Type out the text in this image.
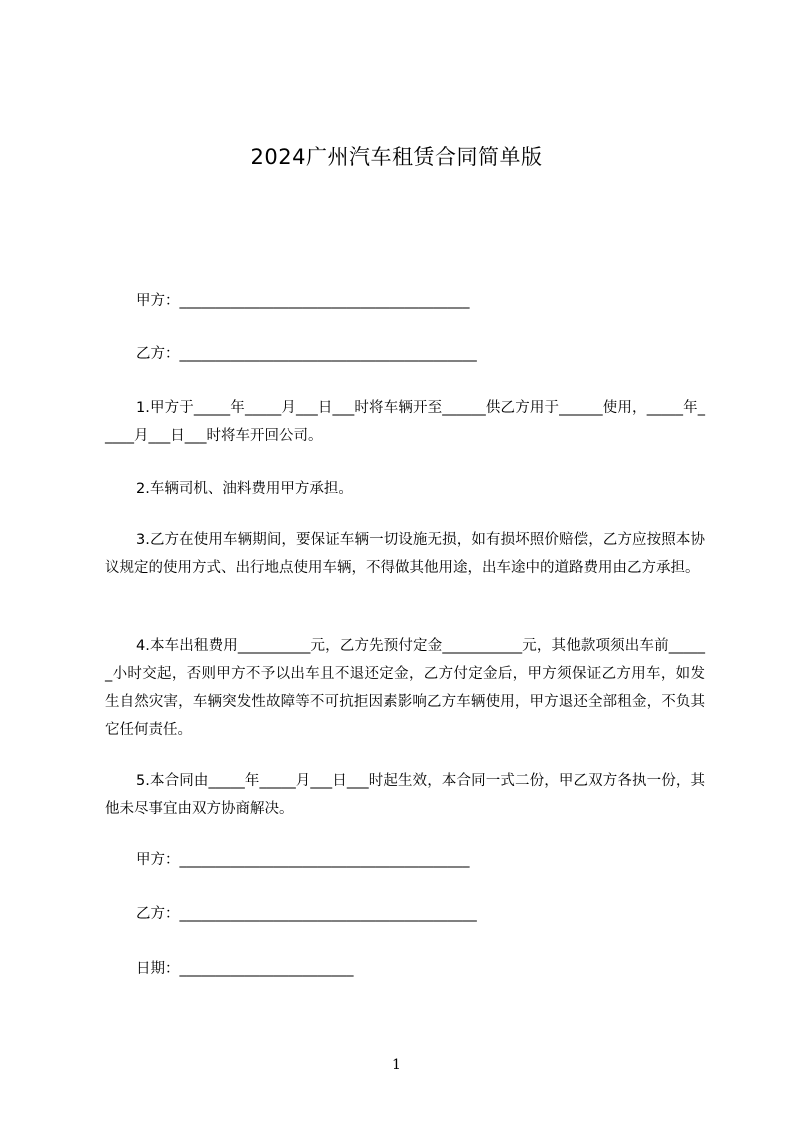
2024广州汽车租赁合同简单版
甲方：________________________________________
乙方：_________________________________________
1.甲方于_____年_____月___日___时将车辆开至______供乙方用于______使用，_____年_____月___日___时将车开回公司。
2.车辆司机、油料费用甲方承担。
3.乙方在使用车辆期间，要保证车辆一切设施无损，如有损坏照价赔偿，乙方应按照本协议规定的使用方式、出行地点使用车辆，不得做其他用途，出车途中的道路费用由乙方承担。
4.本车出租费用__________元，乙方先预付定金___________元，其他款项须出车前______小时交起，否则甲方不予以出车且不退还定金，乙方付定金后，甲方须保证乙方用车，如发生自然灾害，车辆突发性故障等不可抗拒因素影响乙方车辆使用，甲方退还全部租金，不负其它任何责任。
5.本合同由_____年_____月___日___时起生效，本合同一式二份，甲乙双方各执一份，其他未尽事宜由双方协商解决。
甲方：________________________________________
乙方：_________________________________________
日期：________________________
1
